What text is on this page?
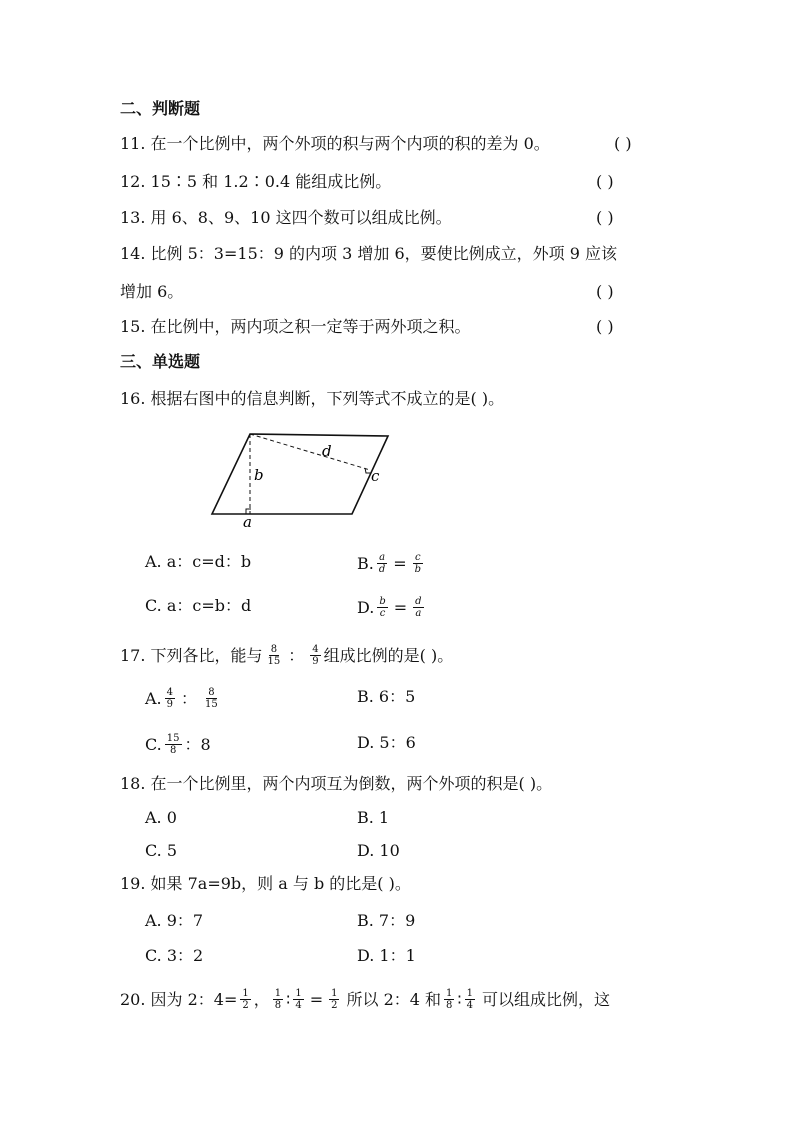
二、判断题
11. 在一个比例中，两个外项的积与两个内项的积的差为 0。	( )
12. 15∶5 和 1.2∶0.4 能组成比例。	( )
13. 用 6、8、9、10 这四个数可以组成比例。	( )
14. 比例 5：3=15：9 的内项 3 增加 6，要使比例成立，外项 9 应该
增加 6。	( )
15. 在比例中，两内项之积一定等于两外项之积。	( )
三、单选题
16. 根据右图中的信息判断，下列等式不成立的是( )。
b
d
c
a
A. a：c=d：b	B. $\frac{a}{d} = \frac{c}{b}$
C. a：c=b：d	D. $\frac{b}{c} = \frac{d}{a}$
17. 下列各比，能与 $\frac{8}{15}$ ： $\frac{4}{9}$ 组成比例的是( )。
A. $\frac{4}{9}$ ： $\frac{8}{15}$	B. 6：5
C. $\frac{15}{8}$ ：8	D. 5：6
18. 在一个比例里，两个内项互为倒数，两个外项的积是( )。
A. 0	B. 1
C. 5	D. 10
19. 如果 7a=9b，则 a 与 b 的比是( )。
A. 9：7	B. 7：9
C. 3：2	D. 1：1
20. 因为 2：$4= \frac{1}{2}$ ， $\frac{1}{8}$ ∶ $\frac{1}{4} = \frac{1}{2}$ 所以 2：4 和 $\frac{1}{8}$ ∶ $\frac{1}{4}$ 可以组成比例，这
